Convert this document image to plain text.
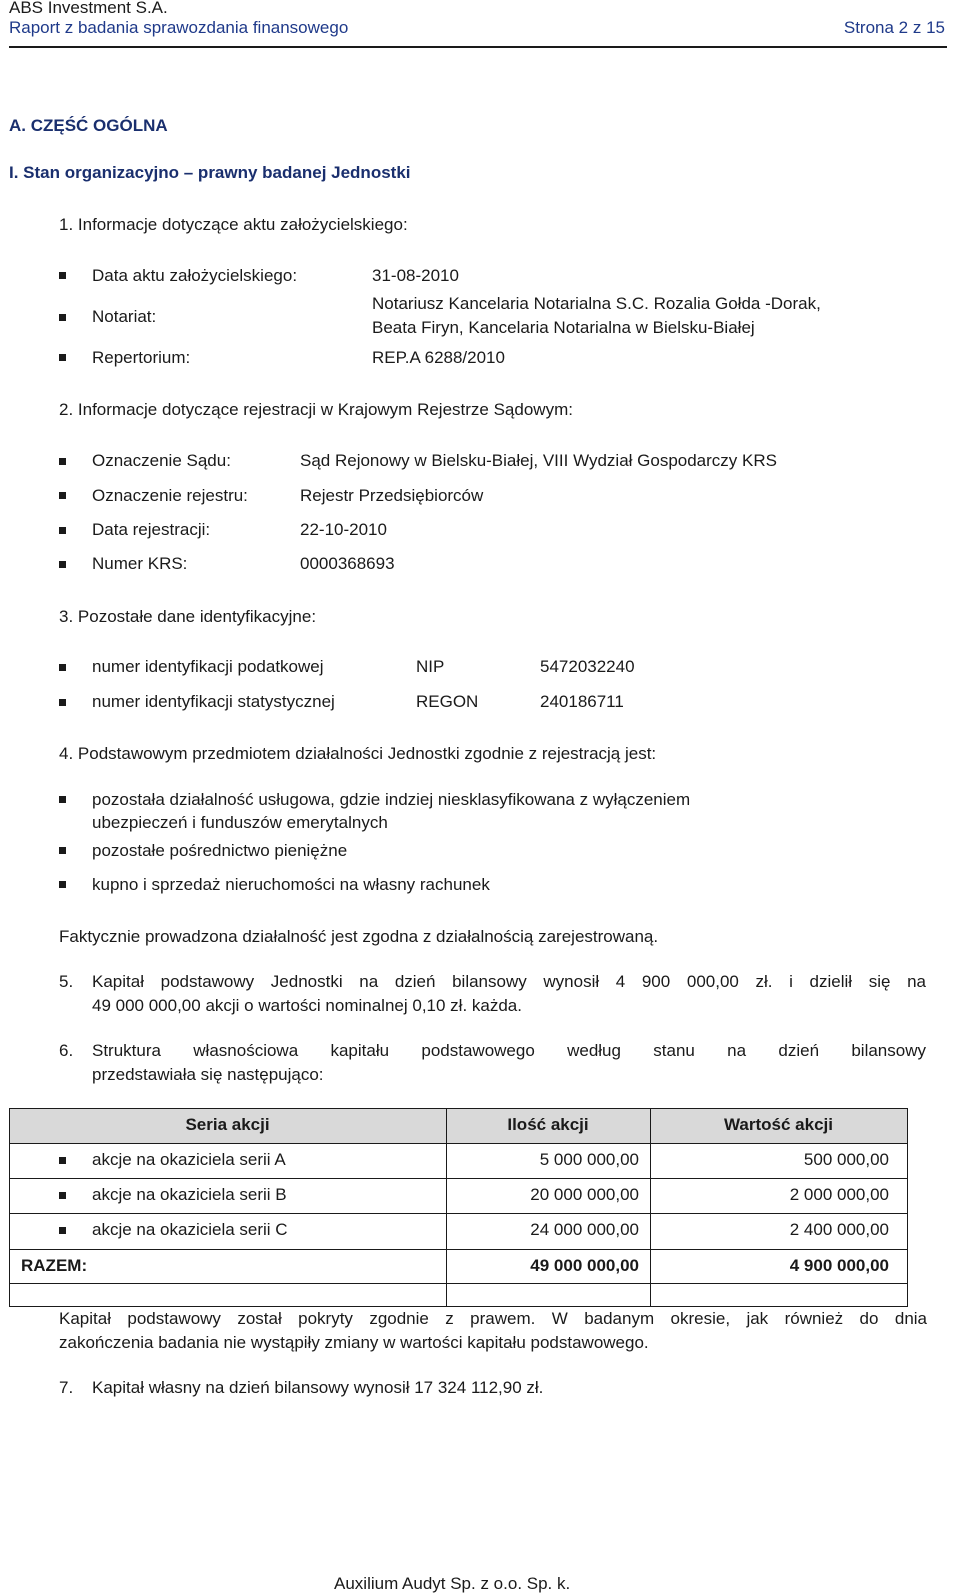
ABS Investment S.A.
Raport z badania sprawozdania finansowego	Strona 2 z 15
A. CZĘŚĆ OGÓLNA
I. Stan organizacyjno – prawny badanej Jednostki
1. Informacje dotyczące aktu założycielskiego:
Data aktu założycielskiego:	31-08-2010
Notariat:
Notariusz Kancelaria Notarialna S.C. Rozalia Gołda -Dorak,
Beata Firyn, Kancelaria Notarialna w Bielsku-Białej
Repertorium:	REP.A 6288/2010
2. Informacje dotyczące rejestracji w Krajowym Rejestrze Sądowym:
Oznaczenie Sądu:	Sąd Rejonowy w Bielsku-Białej, VIII Wydział Gospodarczy KRS
Oznaczenie rejestru:	Rejestr Przedsiębiorców
Data rejestracji:	22-10-2010
Numer KRS:	0000368693
3. Pozostałe dane identyfikacyjne:
numer identyfikacji podatkowej	NIP	5472032240
numer identyfikacji statystycznej	REGON	240186711
4. Podstawowym przedmiotem działalności Jednostki zgodnie z rejestracją jest:
pozostała działalność usługowa, gdzie indziej niesklasyfikowana z wyłączeniem
ubezpieczeń i funduszów emerytalnych
pozostałe pośrednictwo pieniężne
kupno i sprzedaż nieruchomości na własny rachunek
Faktycznie prowadzona działalność jest zgodna z działalnością zarejestrowaną.
5. Kapitał podstawowy Jednostki na dzień bilansowy wynosił 4 900 000,00 zł. i dzielił się na
49 000 000,00 akcji o wartości nominalnej 0,10 zł. każda.
6. Struktura własnościowa kapitału podstawowego według stanu na dzień bilansowy
przedstawiała się następująco:
Seria akcji	Ilość akcji	Wartość akcji
akcje na okaziciela serii A	5 000 000,00	500 000,00
akcje na okaziciela serii B	20 000 000,00	2 000 000,00
akcje na okaziciela serii C	24 000 000,00	2 400 000,00
RAZEM:	49 000 000,00	4 900 000,00
Kapitał podstawowy został pokryty zgodnie z prawem. W badanym okresie, jak również do dnia
zakończenia badania nie wystąpiły zmiany w wartości kapitału podstawowego.
7. Kapitał własny na dzień bilansowy wynosił 17 324 112,90 zł.
Auxilium Audyt Sp. z o.o. Sp. k.
